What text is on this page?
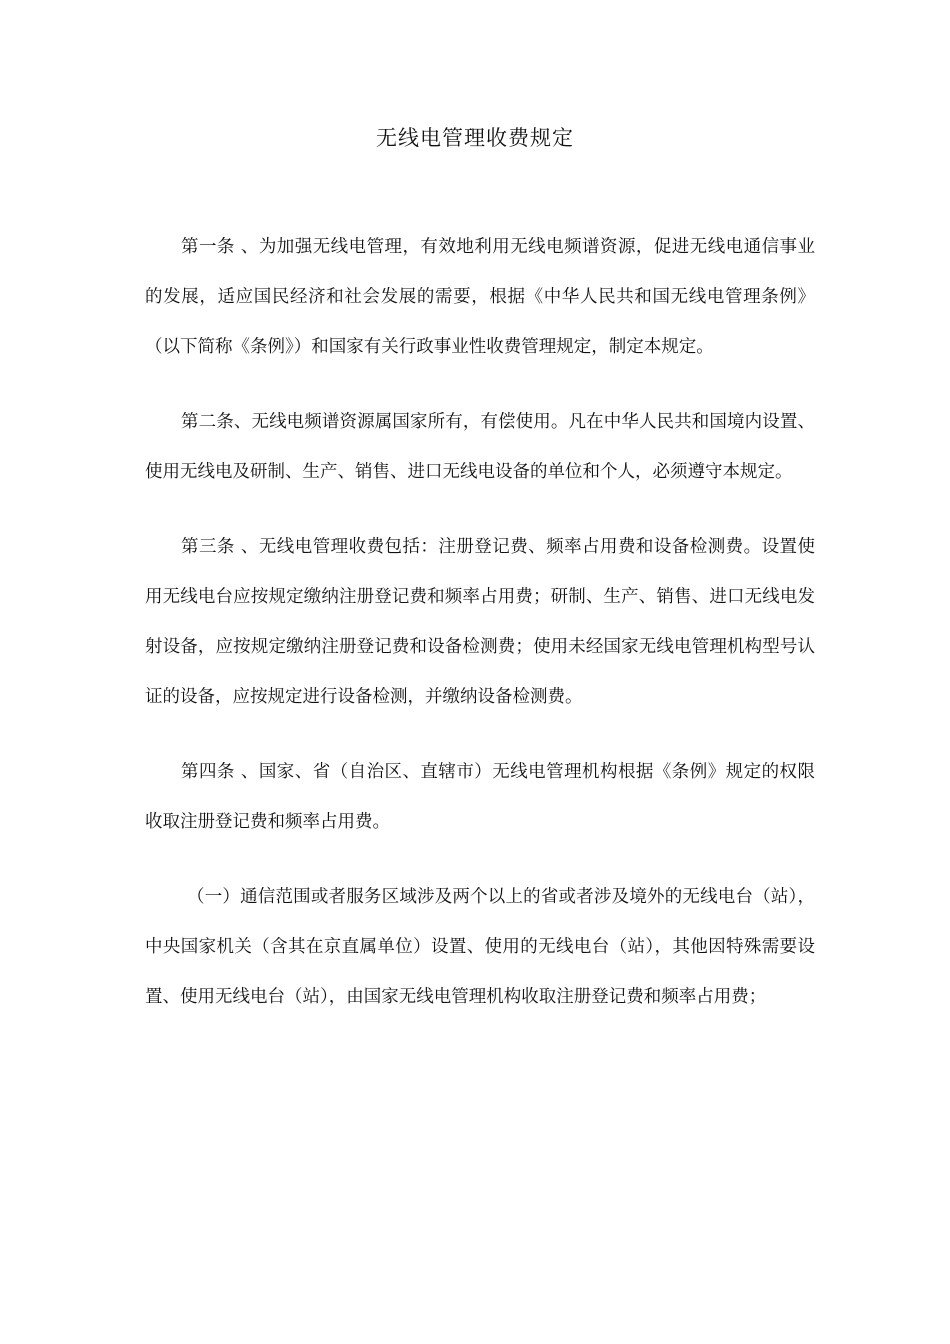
无线电管理收费规定

第一条 、为加强无线电管理，有效地利用无线电频谱资源，促进无线电通信事业的发展，适应国民经济和社会发展的需要，根据《中华人民共和国无线电管理条例》（以下简称《条例》）和国家有关行政事业性收费管理规定，制定本规定。

第二条、无线电频谱资源属国家所有，有偿使用。凡在中华人民共和国境内设置、使用无线电及研制、生产、销售、进口无线电设备的单位和个人，必须遵守本规定。

第三条 、无线电管理收费包括：注册登记费、频率占用费和设备检测费。设置使用无线电台应按规定缴纳注册登记费和频率占用费；研制、生产、销售、进口无线电发射设备，应按规定缴纳注册登记费和设备检测费；使用未经国家无线电管理机构型号认证的设备，应按规定进行设备检测，并缴纳设备检测费。

第四条 、国家、省（自治区、直辖市）无线电管理机构根据《条例》规定的权限收取注册登记费和频率占用费。

（一）通信范围或者服务区域涉及两个以上的省或者涉及境外的无线电台（站），中央国家机关（含其在京直属单位）设置、使用的无线电台（站），其他因特殊需要设置、使用无线电台（站），由国家无线电管理机构收取注册登记费和频率占用费；
